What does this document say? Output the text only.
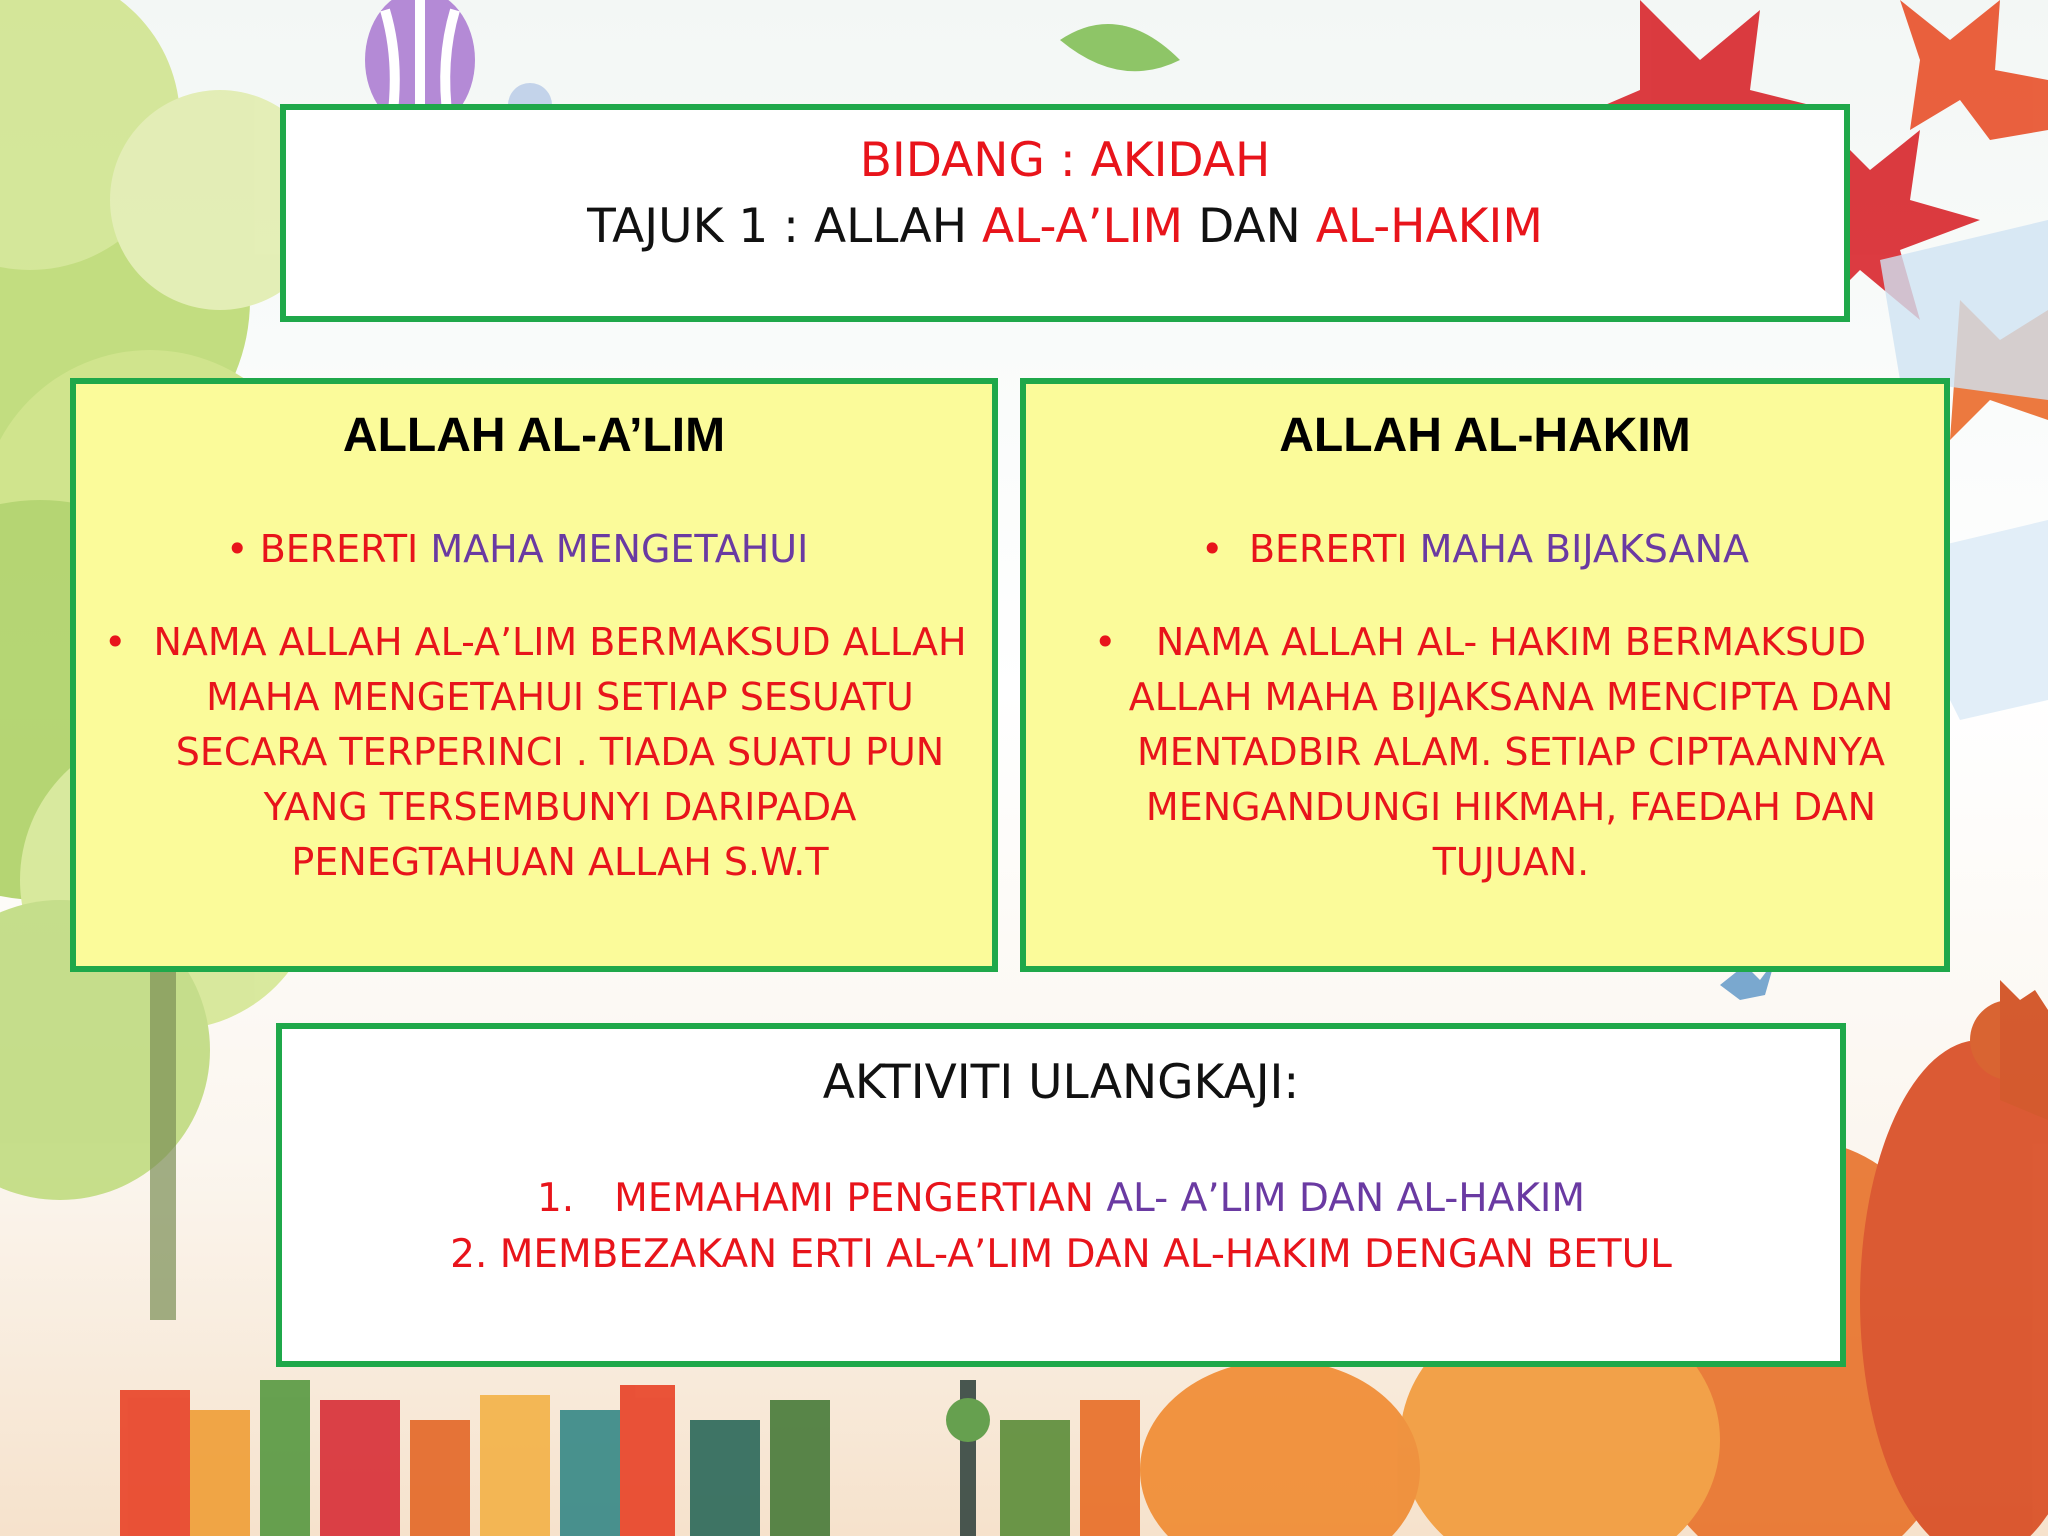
BIDANG : AKIDAH
TAJUK 1 : ALLAH AL-A’LIM DAN AL-HAKIM
ALLAH AL-A’LIM
• BERERTI MAHA MENGETAHUI
• NAMA ALLAH AL-A’LIM BERMAKSUD ALLAH
MAHA MENGETAHUI SETIAP SESUATU
SECARA TERPERINCI . TIADA SUATU PUN
YANG TERSEMBUNYI DARIPADA
PENEGTAHUAN ALLAH S.W.T
ALLAH AL-HAKIM
• BERERTI MAHA BIJAKSANA
•	NAMA ALLAH AL- HAKIM BERMAKSUD
ALLAH MAHA BIJAKSANA MENCIPTA DAN
MENTADBIR ALAM. SETIAP CIPTAANNYA
MENGANDUNGI HIKMAH, FAEDAH DAN
TUJUAN.
AKTIVITI ULANGKAJI:
1. MEMAHAMI PENGERTIAN AL- A’LIM DAN AL-HAKIM
2. MEMBEZAKAN ERTI AL-A’LIM DAN AL-HAKIM DENGAN BETUL
